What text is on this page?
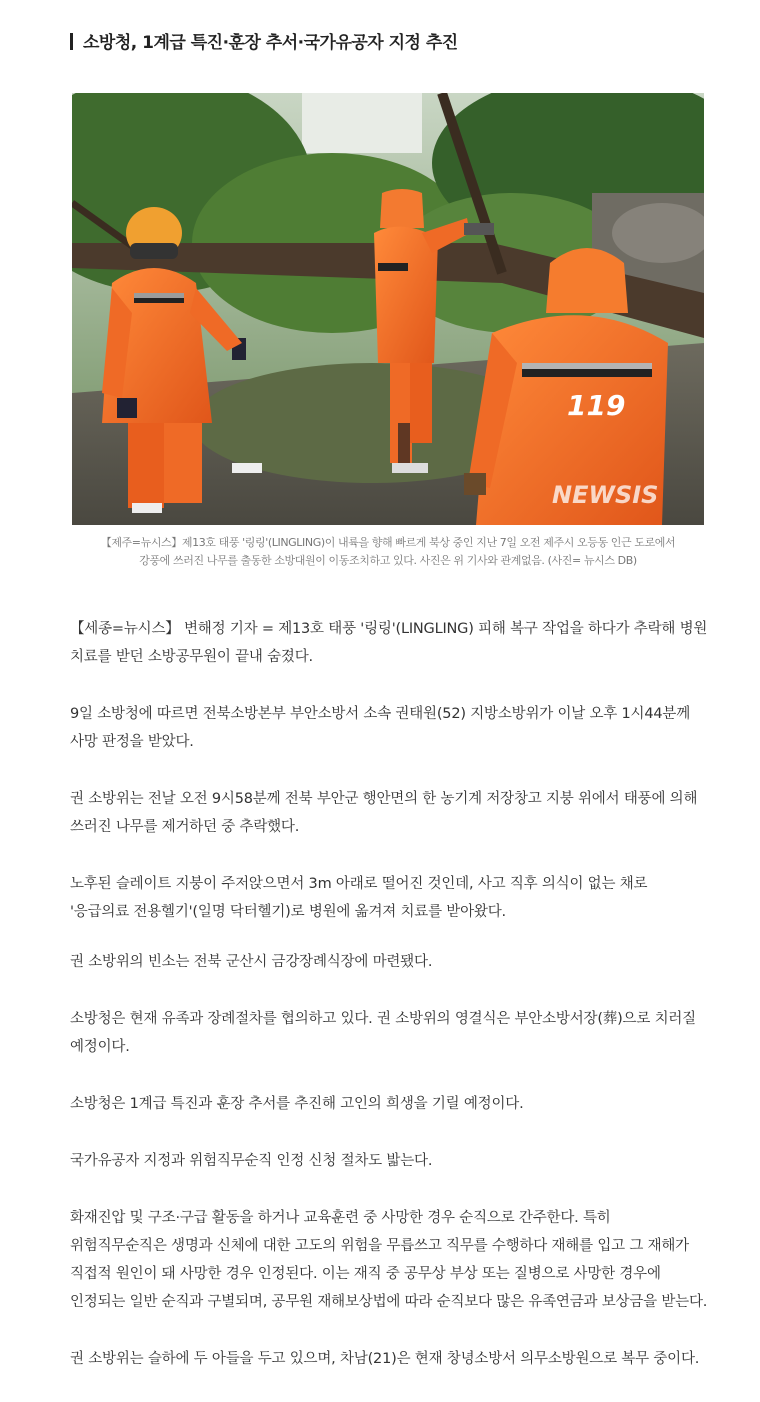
소방청, 1계급 특진·훈장 추서·국가유공자 지정 추진
119
NEWSIS
【제주=뉴시스】제13호 태풍 '링링'(LINGLING)이 내륙을 향해 빠르게 북상 중인 지난 7일 오전 제주시 오등동 인근 도로에서
강풍에 쓰러진 나무를 출동한 소방대원이 이동조치하고 있다. 사진은 위 기사와 관계없음. (사진= 뉴시스 DB)

【세종=뉴시스】 변해정 기자 = 제13호 태풍 '링링'(LINGLING) 피해 복구 작업을 하다가 추락해 병원 치료를 받던 소방공무원이 끝내 숨졌다.

9일 소방청에 따르면 전북소방본부 부안소방서 소속 권태원(52) 지방소방위가 이날 오후 1시44분께 사망 판정을 받았다.

권 소방위는 전날 오전 9시58분께 전북 부안군 행안면의 한 농기계 저장창고 지붕 위에서 태풍에 의해 쓰러진 나무를 제거하던 중 추락했다.

노후된 슬레이트 지붕이 주저앉으면서 3m 아래로 떨어진 것인데, 사고 직후 의식이 없는 채로 '응급의료 전용헬기'(일명 닥터헬기)로 병원에 옮겨져 치료를 받아왔다.

권 소방위의 빈소는 전북 군산시 금강장례식장에 마련됐다.

소방청은 현재 유족과 장례절차를 협의하고 있다. 권 소방위의 영결식은 부안소방서장(葬)으로 치러질 예정이다.

소방청은 1계급 특진과 훈장 추서를 추진해 고인의 희생을 기릴 예정이다.

국가유공자 지정과 위험직무순직 인정 신청 절차도 밟는다.

화재진압 및 구조·구급 활동을 하거나 교육훈련 중 사망한 경우 순직으로 간주한다. 특히 위험직무순직은 생명과 신체에 대한 고도의 위험을 무릅쓰고 직무를 수행하다 재해를 입고 그 재해가 직접적 원인이 돼 사망한 경우 인정된다. 이는 재직 중 공무상 부상 또는 질병으로 사망한 경우에 인정되는 일반 순직과 구별되며, 공무원 재해보상법에 따라 순직보다 많은 유족연금과 보상금을 받는다.

권 소방위는 슬하에 두 아들을 두고 있으며, 차남(21)은 현재 창녕소방서 의무소방원으로 복무 중이다.
